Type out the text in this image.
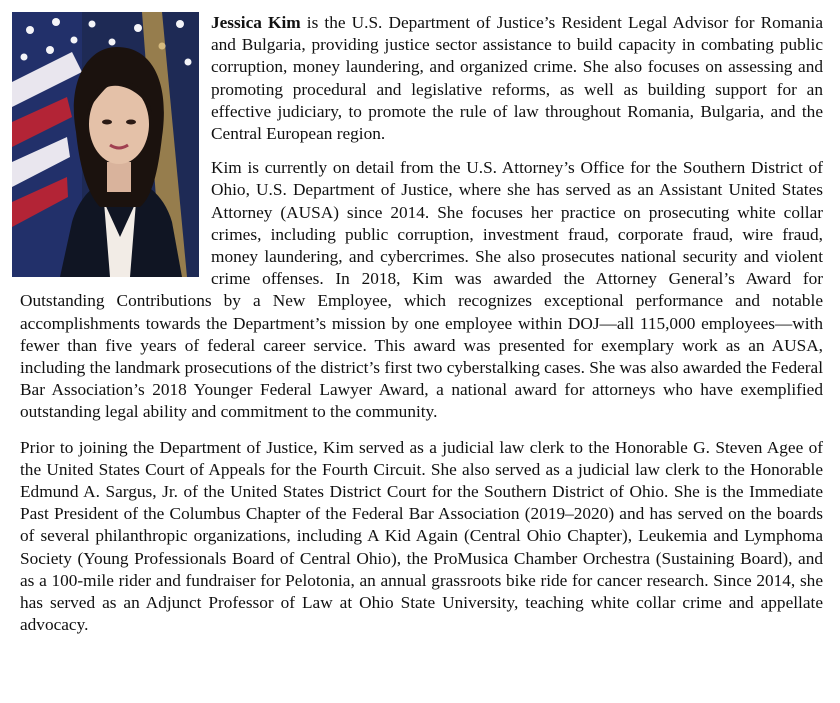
Jessica Kim is the U.S. Department of Justice’s Resident Legal Advisor for Romania and Bulgaria, providing justice sector assistance to build capacity in combating public corruption, money laundering, and organized crime. She also focuses on assessing and promoting procedural and legislative reforms, as well as building support for an effective judiciary, to promote the rule of law throughout Romania, Bulgaria, and the Central European region.

Kim is currently on detail from the U.S. Attorney’s Office for the Southern District of Ohio, U.S. Department of Justice, where she has served as an Assistant United States Attorney (AUSA) since 2014. She focuses her practice on prosecuting white collar crimes, including public corruption, investment fraud, corporate fraud, wire fraud, money laundering, and cybercrimes. She also prosecutes national security and violent crime offenses. In 2018, Kim was awarded the Attorney General’s Award for Outstanding Contributions by a New Employee, which recognizes exceptional performance and notable accomplishments towards the Department’s mission by one employee within DOJ—all 115,000 employees—with fewer than five years of federal career service. This award was presented for exemplary work as an AUSA, including the landmark prosecutions of the district’s first two cyberstalking cases. She was also awarded the Federal Bar Association’s 2018 Younger Federal Lawyer Award, a national award for attorneys who have exemplified outstanding legal ability and commitment to the community.

Prior to joining the Department of Justice, Kim served as a judicial law clerk to the Honorable G. Steven Agee of the United States Court of Appeals for the Fourth Circuit. She also served as a judicial law clerk to the Honorable Edmund A. Sargus, Jr. of the United States District Court for the Southern District of Ohio. She is the Immediate Past President of the Columbus Chapter of the Federal Bar Association (2019–2020) and has served on the boards of several philanthropic organizations, including A Kid Again (Central Ohio Chapter), Leukemia and Lymphoma Society (Young Professionals Board of Central Ohio), the ProMusica Chamber Orchestra (Sustaining Board), and as a 100-mile rider and fundraiser for Pelotonia, an annual grassroots bike ride for cancer research. Since 2014, she has served as an Adjunct Professor of Law at Ohio State University, teaching white collar crime and appellate advocacy.
